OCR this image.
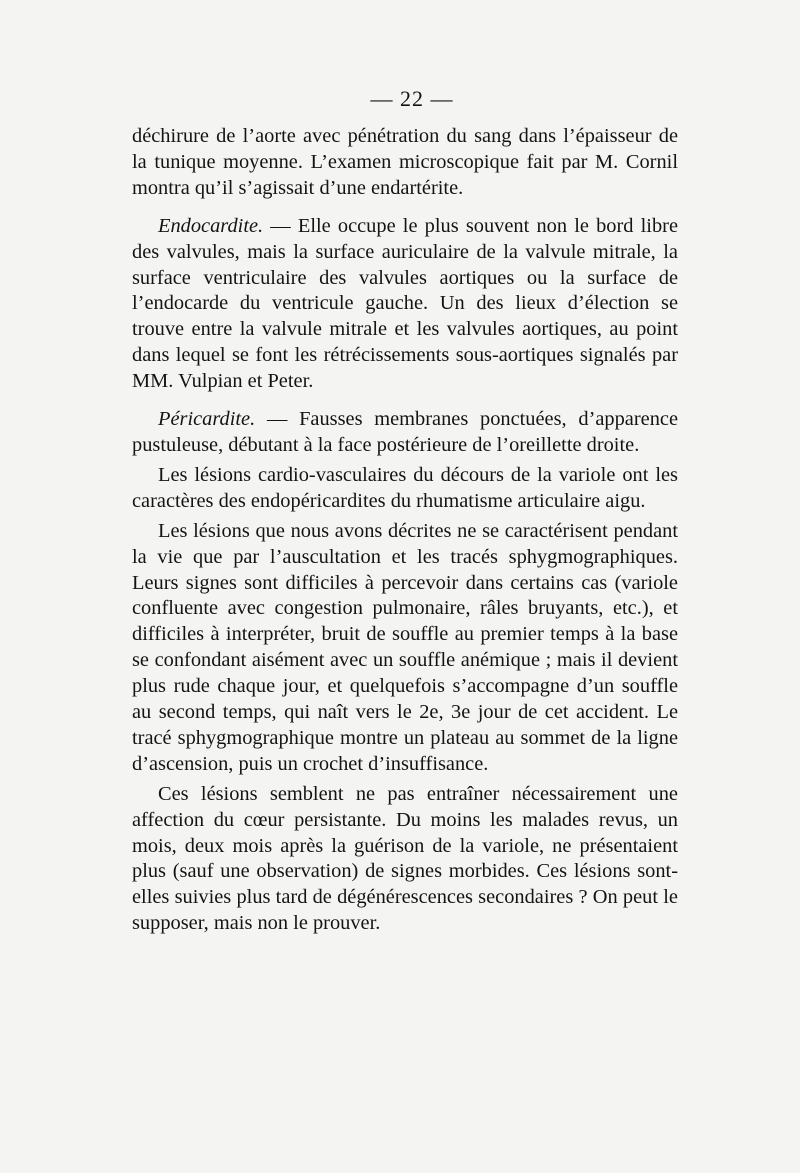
— 22 —

déchirure de l’aorte avec pénétration du sang dans l’épaisseur de la tunique moyenne. L’examen microscopique fait par M. Cornil montra qu’il s’agissait d’une endartérite.

Endocardite. — Elle occupe le plus souvent non le bord libre des valvules, mais la surface auriculaire de la valvule mitrale, la surface ventriculaire des valvules aortiques ou la surface de l’endocarde du ventricule gauche. Un des lieux d’élection se trouve entre la valvule mitrale et les valvules aortiques, au point dans lequel se font les rétrécissements sous-aortiques signalés par MM. Vulpian et Peter.

Péricardite. — Fausses membranes ponctuées, d’apparence pustuleuse, débutant à la face postérieure de l’oreillette droite.

Les lésions cardio-vasculaires du décours de la variole ont les caractères des endopéricardites du rhumatisme articulaire aigu.

Les lésions que nous avons décrites ne se caractérisent pendant la vie que par l’auscultation et les tracés sphygmographiques. Leurs signes sont difficiles à percevoir dans certains cas (variole confluente avec congestion pulmonaire, râles bruyants, etc.), et difficiles à interpréter, bruit de souffle au premier temps à la base se confondant aisément avec un souffle anémique ; mais il devient plus rude chaque jour, et quelquefois s’accompagne d’un souffle au second temps, qui naît vers le 2e, 3e jour de cet accident. Le tracé sphygmographique montre un plateau au sommet de la ligne d’ascension, puis un crochet d’insuffisance.

Ces lésions semblent ne pas entraîner nécessairement une affection du cœur persistante. Du moins les malades revus, un mois, deux mois après la guérison de la variole, ne présentaient plus (sauf une observation) de signes morbides. Ces lésions sont-elles suivies plus tard de dégénérescences secondaires ? On peut le supposer, mais non le prouver.
